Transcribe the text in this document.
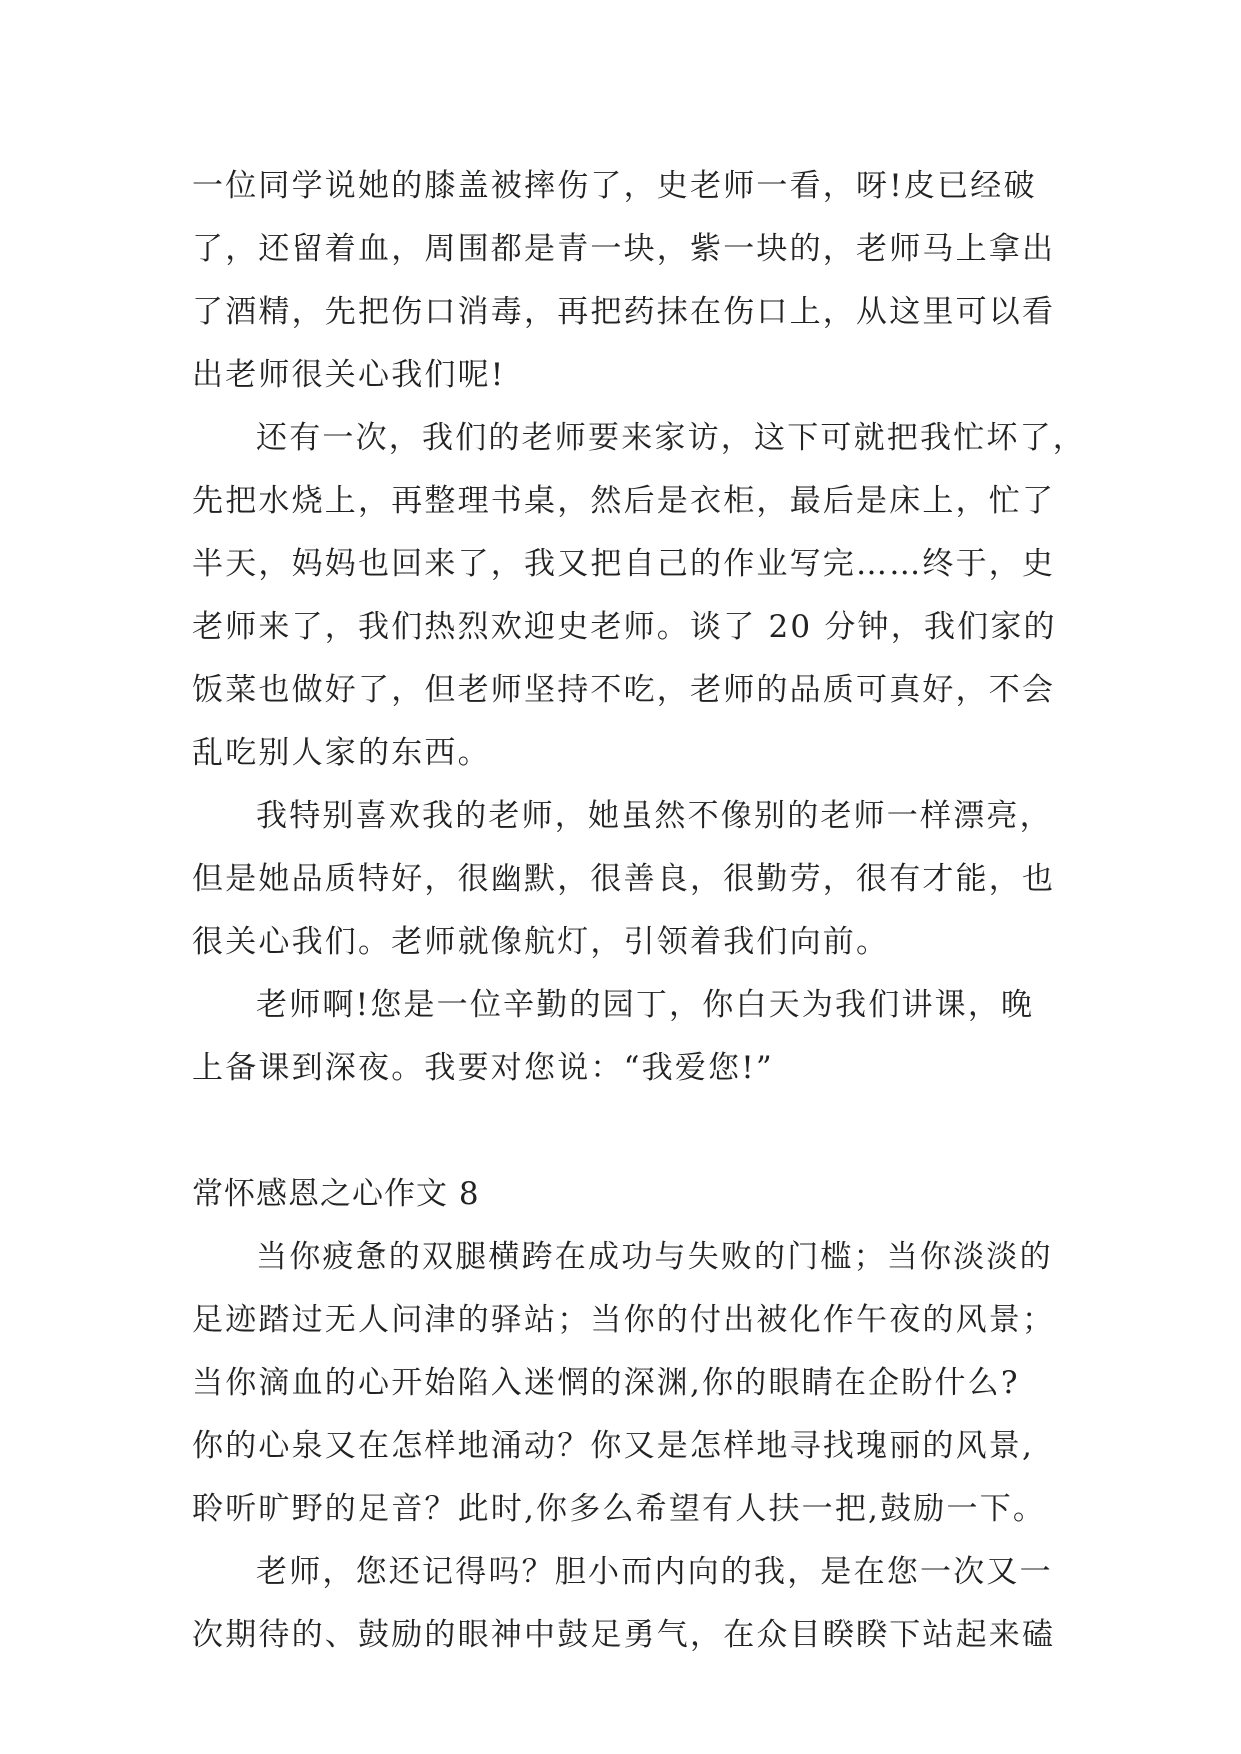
一位同学说她的膝盖被摔伤了，史老师一看，呀!皮已经破
了，还留着血，周围都是青一块，紫一块的，老师马上拿出
了酒精，先把伤口消毒，再把药抹在伤口上，从这里可以看
出老师很关心我们呢!
还有一次，我们的老师要来家访，这下可就把我忙坏了，
先把水烧上，再整理书桌，然后是衣柜，最后是床上，忙了
半天，妈妈也回来了，我又把自己的作业写完……终于，史
老师来了，我们热烈欢迎史老师。谈了 20 分钟，我们家的
饭菜也做好了，但老师坚持不吃，老师的品质可真好，不会
乱吃别人家的东西。
我特别喜欢我的老师，她虽然不像别的老师一样漂亮，
但是她品质特好，很幽默，很善良，很勤劳，很有才能，也
很关心我们。老师就像航灯，引领着我们向前。
老师啊!您是一位辛勤的园丁，你白天为我们讲课，晚
上备课到深夜。我要对您说：“我爱您!”
常怀感恩之心作文 8
当你疲惫的双腿横跨在成功与失败的门槛；当你淡淡的
足迹踏过无人问津的驿站；当你的付出被化作午夜的风景；
当你滴血的心开始陷入迷惘的深渊,你的眼睛在企盼什么?
你的心泉又在怎样地涌动？你又是怎样地寻找瑰丽的风景,
聆听旷野的足音？此时,你多么希望有人扶一把,鼓励一下。
老师，您还记得吗？胆小而内向的我，是在您一次又一
次期待的、鼓励的眼神中鼓足勇气，在众目睽睽下站起来磕
